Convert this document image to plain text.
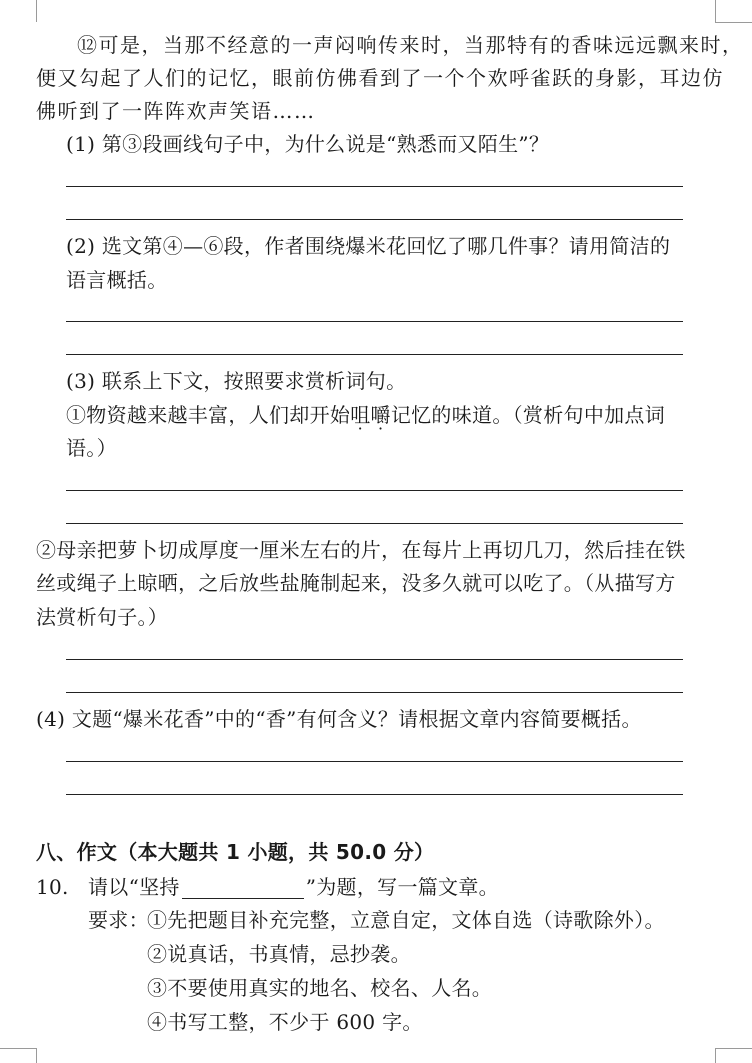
⑫可是，当那不经意的一声闷响传来时，当那特有的香味远远飘来时，
便又勾起了人们的记忆，眼前仿佛看到了一个个欢呼雀跃的身影，耳边仿
佛听到了一阵阵欢声笑语……
(1) 第③段画线句子中，为什么说是“熟悉而又陌生”？
(2) 选文第④—⑥段，作者围绕爆米花回忆了哪几件事？请用简洁的
语言概括。
(3) 联系上下文，按照要求赏析词句。
①物资越来越丰富，人们却开始咀嚼记忆的味道。（赏析句中加点词
语。）
②母亲把萝卜切成厚度一厘米左右的片，在每片上再切几刀，然后挂在铁
丝或绳子上晾晒，之后放些盐腌制起来，没多久就可以吃了。（从描写方
法赏析句子。）
(4) 文题“爆米花香”中的“香”有何含义？请根据文章内容简要概括。
八、作文（本大题共 1 小题，共 50.0 分）
10. 请以“坚持	”为题，写一篇文章。
要求：
①先把题目补充完整，立意自定，文体自选（诗歌除外）。
②说真话，书真情，忌抄袭。
③不要使用真实的地名、校名、人名。
④书写工整，不少于 600 字。
